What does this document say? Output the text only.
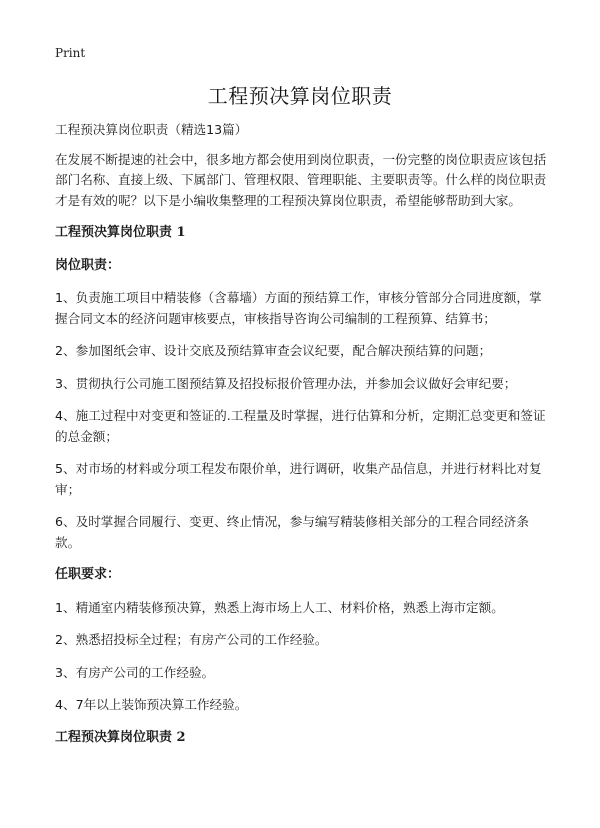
Print
工程预决算岗位职责

工程预决算岗位职责（精选13篇）

在发展不断提速的社会中，很多地方都会使用到岗位职责，一份完整的岗位职责应该包括部门名称、直接上级、下属部门、管理权限、管理职能、主要职责等。什么样的岗位职责才是有效的呢？以下是小编收集整理的工程预决算岗位职责，希望能够帮助到大家。

工程预决算岗位职责 1

岗位职责：

1、负责施工项目中精装修（含幕墙）方面的预结算工作，审核分管部分合同进度额，掌握合同文本的经济问题审核要点，审核指导咨询公司编制的工程预算、结算书；

2、参加图纸会审、设计交底及预结算审查会议纪要，配合解决预结算的问题；

3、贯彻执行公司施工图预结算及招投标报价管理办法，并参加会议做好会审纪要；

4、施工过程中对变更和签证的.工程量及时掌握，进行估算和分析，定期汇总变更和签证的总金额；

5、对市场的材料或分项工程发布限价单，进行调研，收集产品信息，并进行材料比对复审；

6、及时掌握合同履行、变更、终止情况，参与编写精装修相关部分的工程合同经济条款。

任职要求：

1、精通室内精装修预决算，熟悉上海市场上人工、材料价格，熟悉上海市定额。

2、熟悉招投标全过程；有房产公司的工作经验。

3、有房产公司的工作经验。

4、7年以上装饰预决算工作经验。

工程预决算岗位职责 2
